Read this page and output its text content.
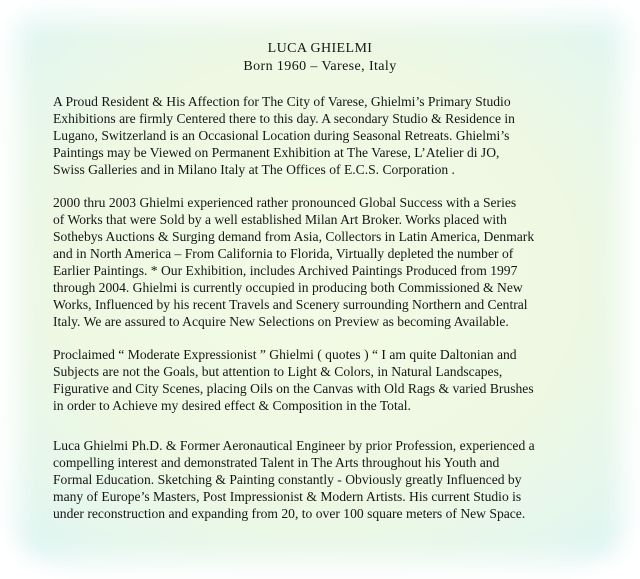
LUCA GHIELMI
Born 1960 – Varese, Italy
A Proud Resident & His Affection for The City of Varese, Ghielmi’s Primary Studio
Exhibitions are firmly Centered there to this day. A secondary Studio & Residence in
Lugano, Switzerland is an Occasional Location during Seasonal Retreats. Ghielmi’s
Paintings may be Viewed on Permanent Exhibition at The Varese, L’Atelier di JO,
Swiss Galleries and in Milano Italy at The Offices of E.C.S. Corporation .
2000 thru 2003 Ghielmi experienced rather pronounced Global Success with a Series
of Works that were Sold by a well established Milan Art Broker. Works placed with
Sothebys Auctions & Surging demand from Asia, Collectors in Latin America, Denmark
and in North America – From California to Florida, Virtually depleted the number of
Earlier Paintings. * Our Exhibition, includes Archived Paintings Produced from 1997
through 2004. Ghielmi is currently occupied in producing both Commissioned & New
Works, Influenced by his recent Travels and Scenery surrounding Northern and Central
Italy. We are assured to Acquire New Selections on Preview as becoming Available.
Proclaimed “ Moderate Expressionist ” Ghielmi ( quotes ) “ I am quite Daltonian and
Subjects are not the Goals, but attention to Light & Colors, in Natural Landscapes,
Figurative and City Scenes, placing Oils on the Canvas with Old Rags & varied Brushes
in order to Achieve my desired effect & Composition in the Total.
Luca Ghielmi Ph.D. & Former Aeronautical Engineer by prior Profession, experienced a
compelling interest and demonstrated Talent in The Arts throughout his Youth and
Formal Education. Sketching & Painting constantly - Obviously greatly Influenced by
many of Europe’s Masters, Post Impressionist & Modern Artists. His current Studio is
under reconstruction and expanding from 20, to over 100 square meters of New Space.
